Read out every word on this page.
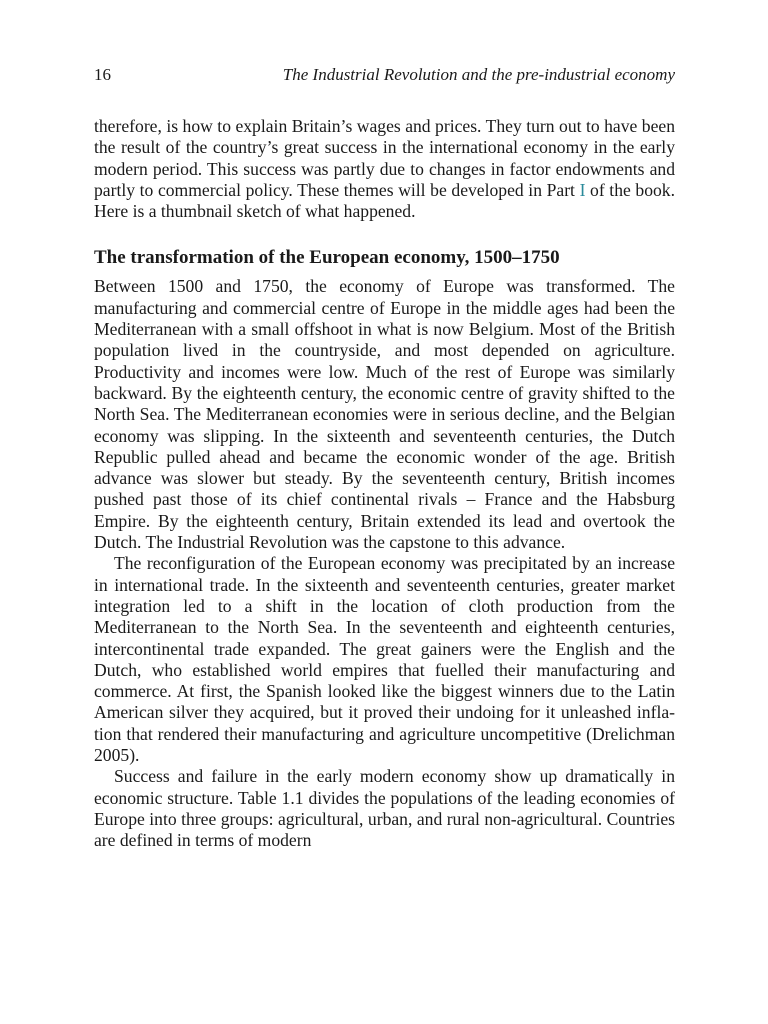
16	The Industrial Revolution and the pre-industrial economy

therefore, is how to explain Britain’s wages and prices. They turn out to have been the result of the country’s great success in the international economy in the early modern period. This success was partly due to changes in factor endowments and partly to commercial policy. These themes will be developed in Part I of the book. Here is a thumbnail sketch of what happened.

The transformation of the European economy, 1500–1750

Between 1500 and 1750, the economy of Europe was transformed. The manufacturing and commercial centre of Europe in the middle ages had been the Mediterranean with a small offshoot in what is now Belgium. Most of the British population lived in the countryside, and most depended on agriculture. Productivity and incomes were low. Much of the rest of Europe was similarly backward. By the eighteenth century, the economic centre of gravity shifted to the North Sea. The Mediterranean economies were in serious decline, and the Belgian economy was slipping. In the sixteenth and seventeenth centuries, the Dutch Republic pulled ahead and became the economic wonder of the age. British advance was slower but steady. By the seventeenth century, British incomes pushed past those of its chief continental rivals – France and the Habsburg Empire. By the eighteenth century, Britain extended its lead and overtook the Dutch. The Industrial Revolution was the capstone to this advance.

The reconfiguration of the European economy was precipitated by an increase in international trade. In the sixteenth and seventeenth centuries, greater market integration led to a shift in the location of cloth production from the Mediterranean to the North Sea. In the seventeenth and eighteenth centuries, intercontinental trade expanded. The great gainers were the English and the Dutch, who established world empires that fuelled their manufacturing and commerce. At first, the Spanish looked like the biggest winners due to the Latin American silver they acquired, but it proved their undoing for it unleashed inflation that rendered their manufacturing and agriculture uncompetitive (Drelichman 2005).

Success and failure in the early modern economy show up dramatically in economic structure. Table 1.1 divides the populations of the leading economies of Europe into three groups: agricultural, urban, and rural non-agricultural. Countries are defined in terms of modern
